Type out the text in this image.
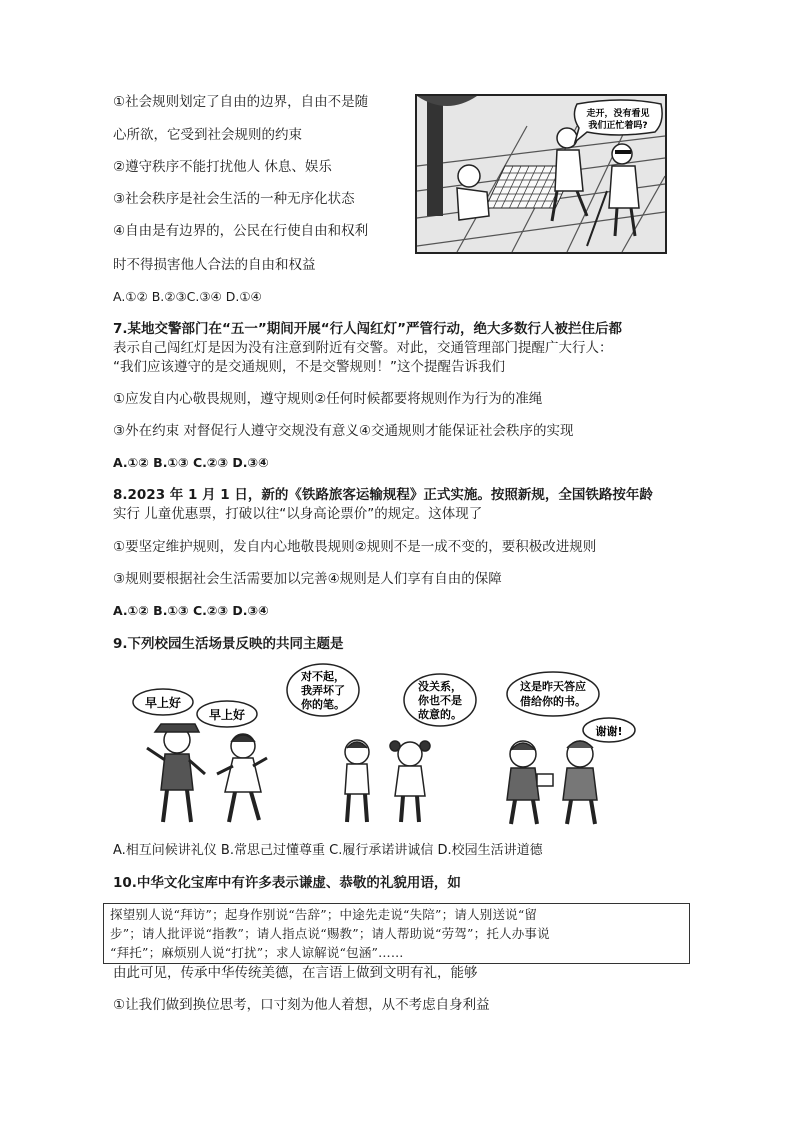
①社会规则划定了自由的边界，自由不是随
心所欲，它受到社会规则的约束
②遵守秩序不能打扰他人 休息、娱乐
③社会秩序是社会生活的一种无序化状态
④自由是有边界的，公民在行使自由和权利
时不得损害他人合法的自由和权益
A.①② B.②③C.③④ D.①④
走开，没有看见
我们正忙着吗?
7.某地交警部门在“五一”期间开展“行人闯红灯”严管行动，绝大多数行人被拦住后都
表示自己闯红灯是因为没有注意到附近有交警。对此，交通管理部门提醒广大行人：
“我们应该遵守的是交通规则，不是交警规则！”这个提醒告诉我们
①应发自内心敬畏规则，遵守规则②任何时候都要将规则作为行为的准绳
③外在约束 对督促行人遵守交规没有意义④交通规则才能保证社会秩序的实现
A.①② B.①③ C.②③ D.③④
8.2023 年 1 月 1 日，新的《铁路旅客运输规程》正式实施。按照新规，全国铁路按年龄
实行 儿童优惠票，打破以往“以身高论票价”的规定。这体现了
①要坚定维护规则，发自内心地敬畏规则②规则不是一成不变的，要积极改进规则
③规则要根据社会生活需要加以完善④规则是人们享有自由的保障
A.①② B.①③ C.②③ D.③④
9.下列校园生活场景反映的共同主题是
早上好
早上好
对不起，
我弄坏了
你的笔。
没关系，
你也不是
故意的。
这是昨天答应
借给你的书。
谢谢!
A.相互问候讲礼仪 B.常思己过懂尊重 C.履行承诺讲诚信 D.校园生活讲道德
10.中华文化宝库中有许多表示谦虚、恭敬的礼貌用语，如
探望别人说“拜访”；起身作别说“告辞”；中途先走说“失陪”；请人别送说“留
步”；请人批评说“指教”；请人指点说“赐教”；请人帮助说“劳驾”；托人办事说
“拜托”；麻烦别人说“打扰”；求人谅解说“包涵”……
由此可见，传承中华传统美德，在言语上做到文明有礼，能够
①让我们做到换位思考，口寸刻为他人着想，从不考虑自身利益
